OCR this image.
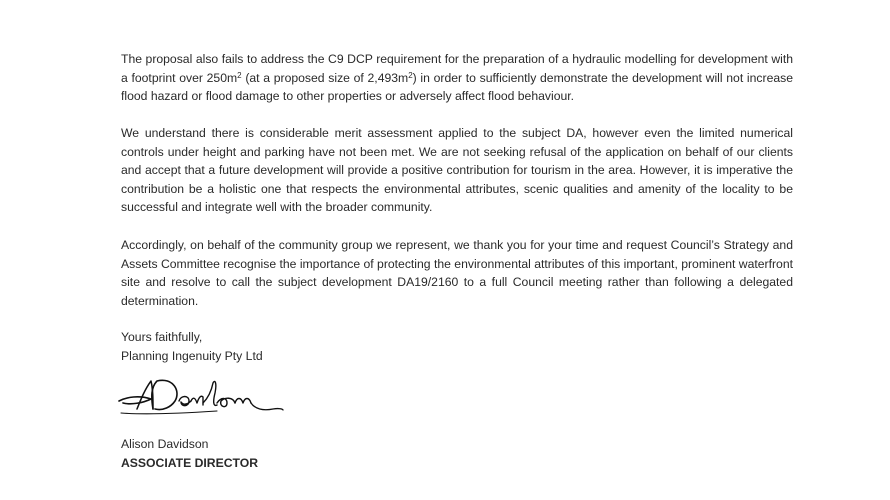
The proposal also fails to address the C9 DCP requirement for the preparation of a hydraulic modelling for development with a footprint over $250m^2$ (at a proposed size of $2,493m^2$) in order to sufficiently demonstrate the development will not increase flood hazard or flood damage to other properties or adversely affect flood behaviour.

We understand there is considerable merit assessment applied to the subject DA, however even the limited numerical controls under height and parking have not been met. We are not seeking refusal of the application on behalf of our clients and accept that a future development will provide a positive contribution for tourism in the area. However, it is imperative the contribution be a holistic one that respects the environmental attributes, scenic qualities and amenity of the locality to be successful and integrate well with the broader community.

Accordingly, on behalf of the community group we represent, we thank you for your time and request Council’s Strategy and Assets Committee recognise the importance of protecting the environmental attributes of this important, prominent waterfront site and resolve to call the subject development DA19/2160 to a full Council meeting rather than following a delegated determination.

Yours faithfully,
Planning Ingenuity Pty Ltd
Alison Davidson
ASSOCIATE DIRECTOR
